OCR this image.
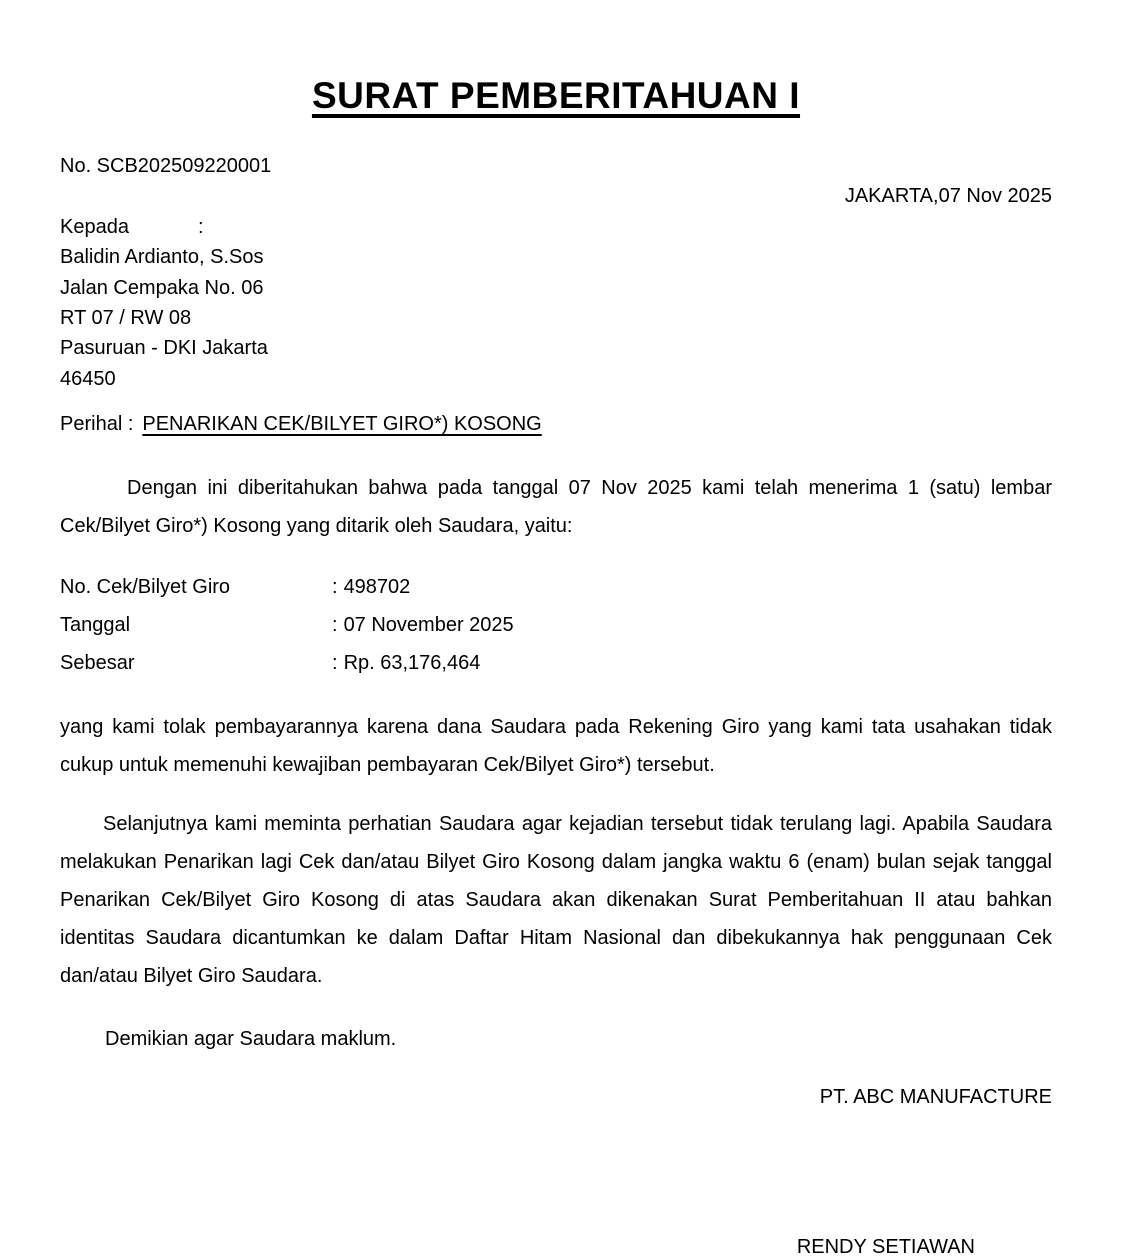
SURAT PEMBERITAHUAN I
No. SCB202509220001
JAKARTA,07 Nov 2025
Kepada	:
Balidin Ardianto, S.Sos
Jalan Cempaka No. 06
RT 07 / RW 08
Pasuruan - DKI Jakarta
46450
Perihal : PENARIKAN CEK/BILYET GIRO*) KOSONG
Dengan ini diberitahukan bahwa pada tanggal 07 Nov 2025 kami telah menerima 1 (satu) lembar Cek/Bilyet Giro*) Kosong yang ditarik oleh Saudara, yaitu:
No. Cek/Bilyet Giro	: 498702
Tanggal	: 07 November 2025
Sebesar	: Rp. 63,176,464
yang kami tolak pembayarannya karena dana Saudara pada Rekening Giro yang kami tata usahakan tidak cukup untuk memenuhi kewajiban pembayaran Cek/Bilyet Giro*) tersebut.
Selanjutnya kami meminta perhatian Saudara agar kejadian tersebut tidak terulang lagi. Apabila Saudara melakukan Penarikan lagi Cek dan/atau Bilyet Giro Kosong dalam jangka waktu 6 (enam) bulan sejak tanggal Penarikan Cek/Bilyet Giro Kosong di atas Saudara akan dikenakan Surat Pemberitahuan II atau bahkan identitas Saudara dicantumkan ke dalam Daftar Hitam Nasional dan dibekukannya hak penggunaan Cek dan/atau Bilyet Giro Saudara.
Demikian agar Saudara maklum.
PT. ABC MANUFACTURE
RENDY SETIAWAN
